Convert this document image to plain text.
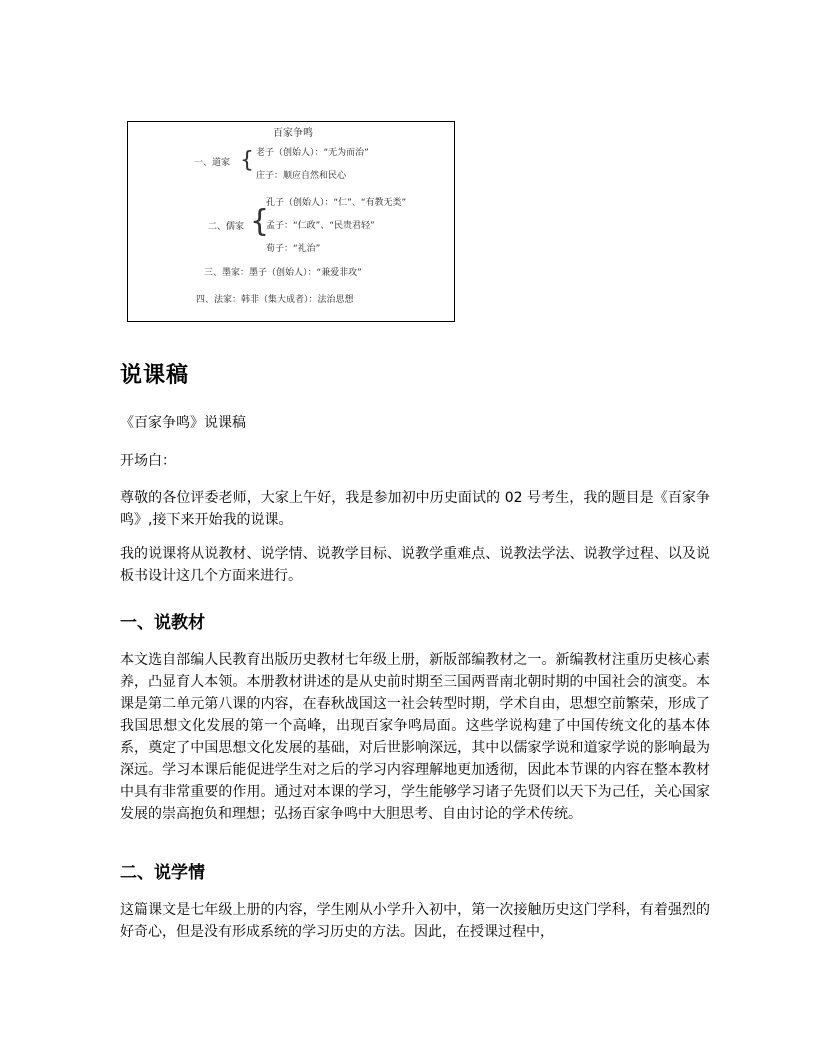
百家争鸣
一、道家 { 老子（创始人）：“无为而治”
庄子：顺应自然和民心
二、儒家 {
孔子（创始人）：“仁”、“有教无类”
孟子：“仁政”、“民贵君轻”
荀子：“礼治”
三、墨家：墨子（创始人）：“兼爱非攻”
四、法家：韩非（集大成者）：法治思想
说课稿

《百家争鸣》说课稿

开场白：

尊敬的各位评委老师，大家上午好，我是参加初中历史面试的 02 号考生，我的题目是《百家争鸣》,接下来开始我的说课。

我的说课将从说教材、说学情、说教学目标、说教学重难点、说教法学法、说教学过程、以及说板书设计这几个方面来进行。

一、说教材

本文选自部编人民教育出版历史教材七年级上册，新版部编教材之一。新编教材注重历史核心素养，凸显育人本领。本册教材讲述的是从史前时期至三国两晋南北朝时期的中国社会的演变。本课是第二单元第八课的内容，在春秋战国这一社会转型时期，学术自由，思想空前繁荣，形成了我国思想文化发展的第一个高峰，出现百家争鸣局面。这些学说构建了中国传统文化的基本体系，奠定了中国思想文化发展的基础，对后世影响深远，其中以儒家学说和道家学说的影响最为深远。学习本课后能促进学生对之后的学习内容理解地更加透彻，因此本节课的内容在整本教材中具有非常重要的作用。通过对本课的学习，学生能够学习诸子先贤们以天下为己任，关心国家发展的崇高抱负和理想；弘扬百家争鸣中大胆思考、自由讨论的学术传统。

二、说学情

这篇课文是七年级上册的内容，学生刚从小学升入初中，第一次接触历史这门学科，有着强烈的好奇心，但是没有形成系统的学习历史的方法。因此，在授课过程中，
